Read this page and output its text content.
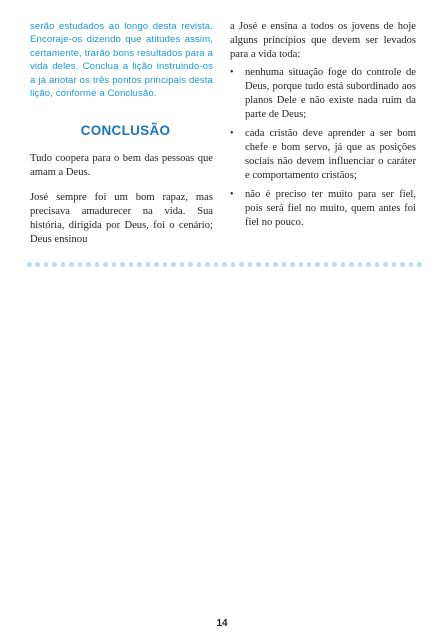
serão estudados ao longo desta revista. Encorajе-os dizendo que atitudes assim, certamente, trarão bons resultados para a vida deles. Conclua a lição instruindo-os a já anotar os três pontos principais desta lição, conforme a Conclusão.

CONCLUSÃO

Tudo coopera para o bem das pessoas que amam a Deus.

José sempre foi um bom rapaz, mas precisava amadurecer na vida. Sua história, dirigida por Deus, foi o cenário; Deus ensinou

a José e ensina a todos os jovens de hoje alguns princípios que devem ser levados para a vida toda:

• nenhuma situação foge do controle de Deus, porque tudo está subordinado aos planos Dele e não existe nada ruim da parte de Deus;
• cada cristão deve aprender a ser bom chefe e bom servo, já que as posições sociais não devem influenciar o caráter e comportamento cristãos;
• não é preciso ter muito para ser fiel, pois será fiel no muito, quem antes foi fiel no pouco.
14
